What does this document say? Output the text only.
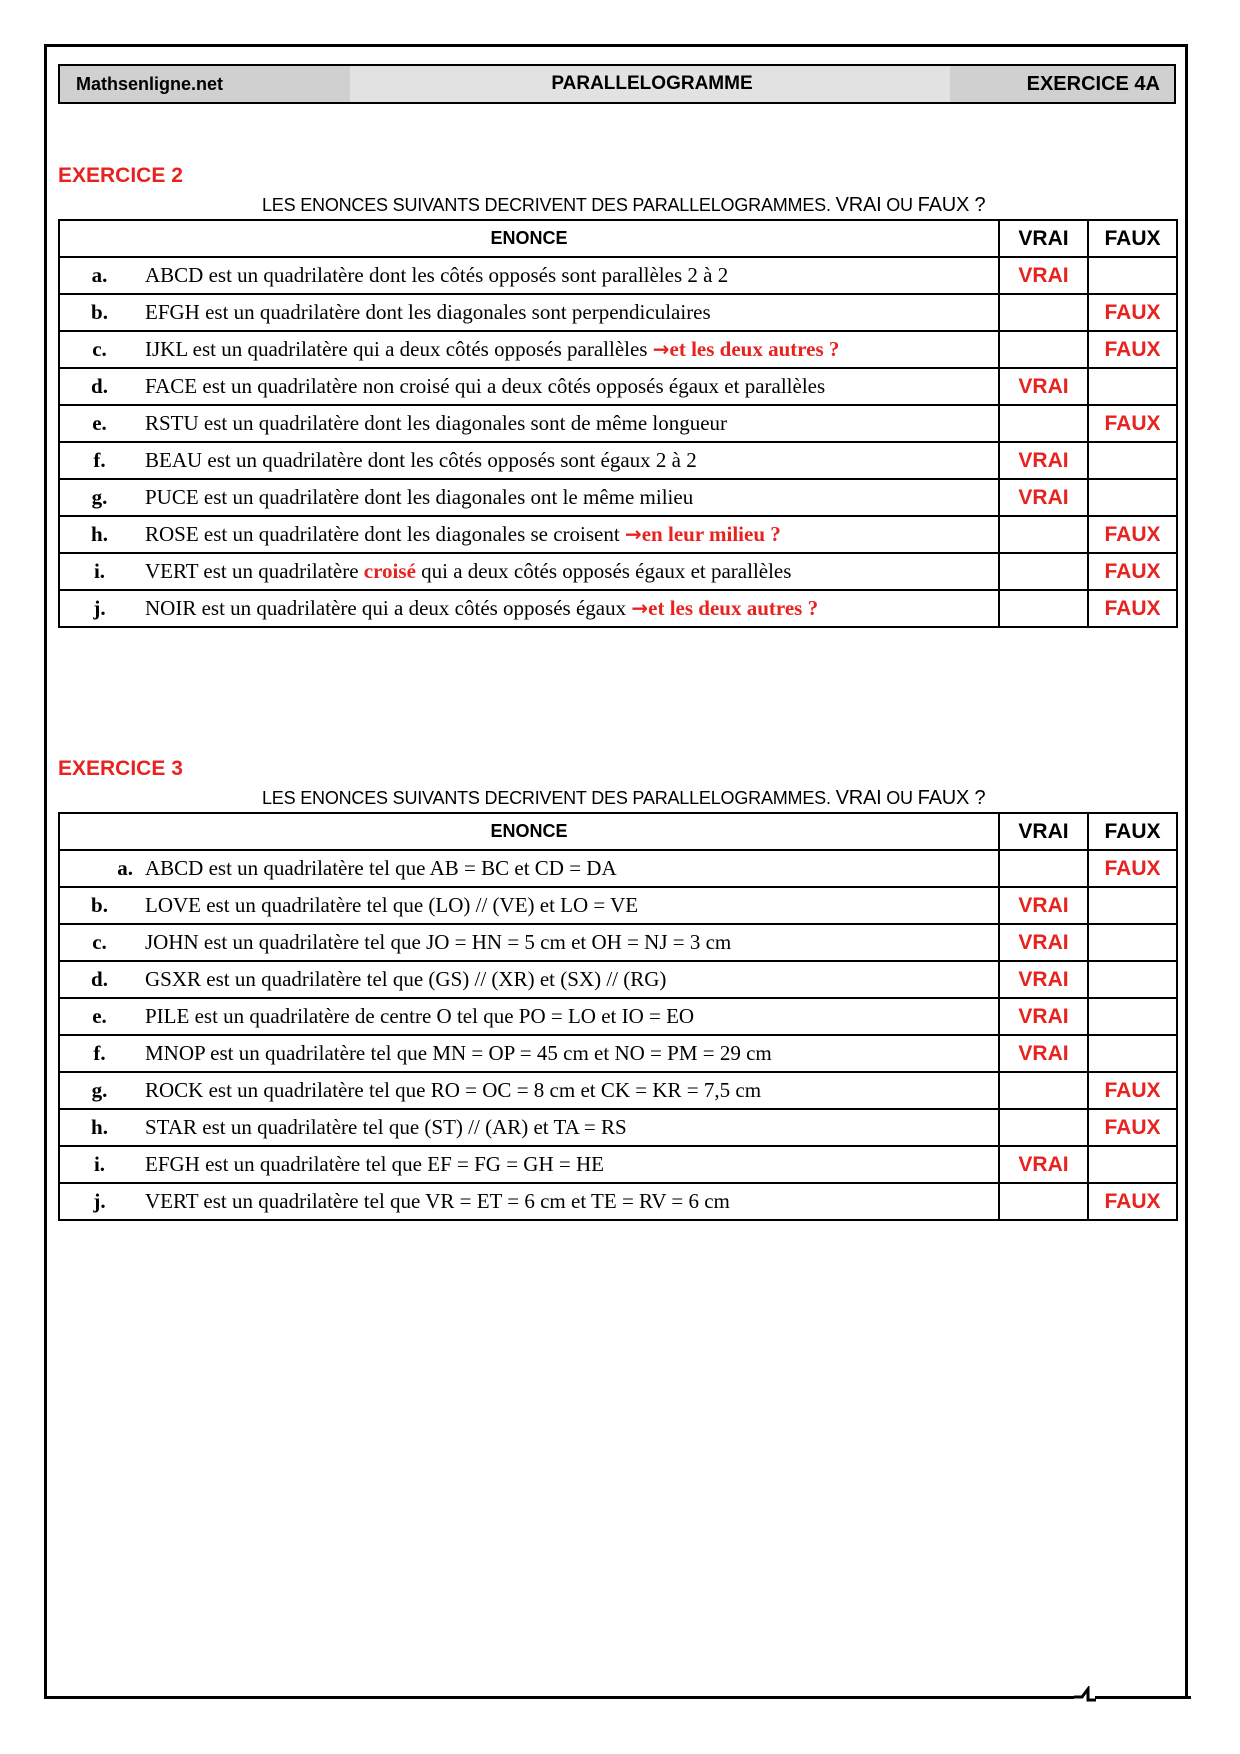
Mathsenligne.net	PARALLELOGRAMME	EXERCICE 4A
EXERCICE 2
LES ENONCES SUIVANTS DECRIVENT DES PARALLELOGRAMMES. VRAI OU FAUX ?
ENONCE		VRAI	FAUX
a.	ABCD est un quadrilatère dont les côtés opposés sont parallèles 2 à 2	VRAI	
b.	EFGH est un quadrilatère dont les diagonales sont perpendiculaires		FAUX
c.	IJKL est un quadrilatère qui a deux côtés opposés parallèles →et les deux autres ?		FAUX
d.	FACE est un quadrilatère non croisé qui a deux côtés opposés égaux et parallèles	VRAI	
e.	RSTU est un quadrilatère dont les diagonales sont de même longueur		FAUX
f.	BEAU est un quadrilatère dont les côtés opposés sont égaux 2 à 2	VRAI	
g.	PUCE est un quadrilatère dont les diagonales ont le même milieu	VRAI	
h.	ROSE est un quadrilatère dont les diagonales se croisent →en leur milieu ?		FAUX
i.	VERT est un quadrilatère croisé qui a deux côtés opposés égaux et parallèles		FAUX
j.	NOIR est un quadrilatère qui a deux côtés opposés égaux →et les deux autres ?		FAUX
EXERCICE 3
LES ENONCES SUIVANTS DECRIVENT DES PARALLELOGRAMMES. VRAI OU FAUX ?
ENONCE		VRAI	FAUX
a.	ABCD est un quadrilatère tel que AB = BC et CD = DA		FAUX
b.	LOVE est un quadrilatère tel que (LO) // (VE) et LO = VE	VRAI	
c.	JOHN est un quadrilatère tel que JO = HN = 5 cm et OH = NJ = 3 cm	VRAI	
d.	GSXR est un quadrilatère tel que (GS) // (XR) et (SX) // (RG)	VRAI	
e.	PILE est un quadrilatère de centre O tel que PO = LO et IO = EO	VRAI	
f.	MNOP est un quadrilatère tel que MN = OP = 45 cm et NO = PM = 29 cm	VRAI	
g.	ROCK est un quadrilatère tel que RO = OC = 8 cm et CK = KR = 7,5 cm		FAUX
h.	STAR est un quadrilatère tel que (ST) // (AR) et TA = RS		FAUX
i.	EFGH est un quadrilatère tel que EF = FG = GH = HE	VRAI	
j.	VERT est un quadrilatère tel que VR = ET = 6 cm et TE = RV = 6 cm		FAUX
